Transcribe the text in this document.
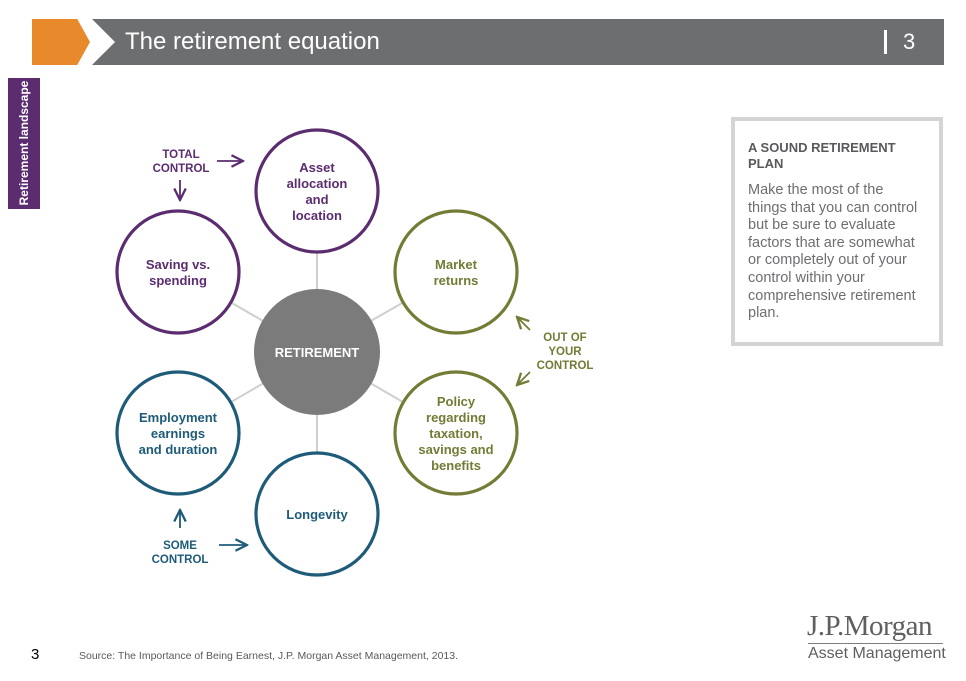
The retirement equation	3
Retirement landscape	Asset allocation and location
Market returns
Policy regarding taxation, savings and benefits
Longevity
Employment earnings and duration
Saving vs. spending
RETIREMENT
TOTAL CONTROL
OUT OF YOUR CONTROL
SOME CONTROL
A SOUND RETIREMENT PLAN
Make the most of the things that you can control but be sure to evaluate factors that are somewhat or completely out of your control within your comprehensive retirement plan.
3	Source: The Importance of Being Earnest, J.P. Morgan Asset Management, 2013.
J.P.Morgan
Asset Management
